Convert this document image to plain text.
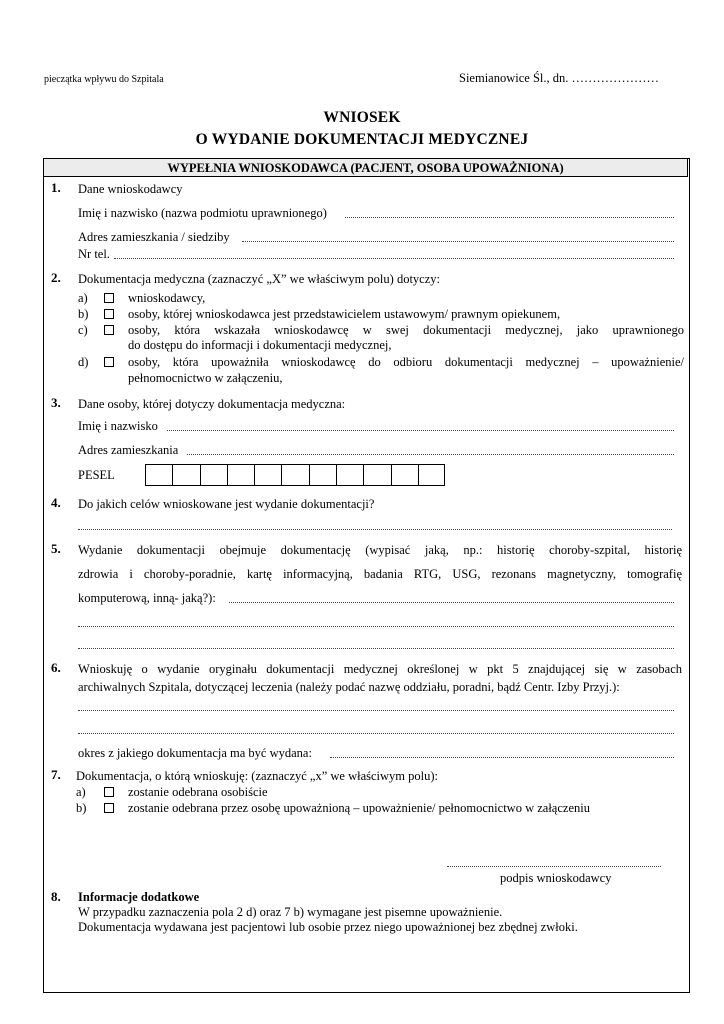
pieczątka wpływu do Szpitala	Siemianowice Śl., dn. …………………
WNIOSEK
O WYDANIE DOKUMENTACJI MEDYCZNEJ
WYPEŁNIA WNIOSKODAWCA (PACJENT, OSOBA UPOWAŻNIONA)
1. Dane wnioskodawcy
Imię i nazwisko (nazwa podmiotu uprawnionego)
Adres zamieszkania / siedziby
Nr tel.
2. Dokumentacja medyczna (zaznaczyć „X” we właściwym polu) dotyczy:
a)	wnioskodawcy,
b)	osoby, której wnioskodawca jest przedstawicielem ustawowym/ prawnym opiekunem,
c)	osoby, która wskazała wnioskodawcę w swej dokumentacji medycznej, jako uprawnionego
do dostępu do informacji i dokumentacji medycznej,
d)	osoby, która upoważniła wnioskodawcę do odbioru dokumentacji medycznej – upoważnienie/
pełnomocnictwo w załączeniu,
3. Dane osoby, której dotyczy dokumentacja medyczna:
Imię i nazwisko
Adres zamieszkania
PESEL
4. Do jakich celów wnioskowane jest wydanie dokumentacji?
5. Wydanie dokumentacji obejmuje dokumentację (wypisać jaką, np.: historię choroby-szpital, historię
zdrowia i choroby-poradnie, kartę informacyjną, badania RTG, USG, rezonans magnetyczny, tomografię
komputerową, inną- jaką?):
6. Wnioskuję o wydanie oryginału dokumentacji medycznej określonej w pkt 5 znajdującej się w zasobach
archiwalnych Szpitala, dotyczącej leczenia (należy podać nazwę oddziału, poradni, bądź Centr. Izby Przyj.):
okres z jakiego dokumentacja ma być wydana:
7. Dokumentacja, o którą wnioskuję: (zaznaczyć „x” we właściwym polu):
a)	zostanie odebrana osobiście
b)	zostanie odebrana przez osobę upoważnioną – upoważnienie/ pełnomocnictwo w załączeniu
podpis wnioskodawcy
8. Informacje dodatkowe
W przypadku zaznaczenia pola 2 d) oraz 7 b) wymagane jest pisemne upoważnienie.
Dokumentacja wydawana jest pacjentowi lub osobie przez niego upoważnionej bez zbędnej zwłoki.
